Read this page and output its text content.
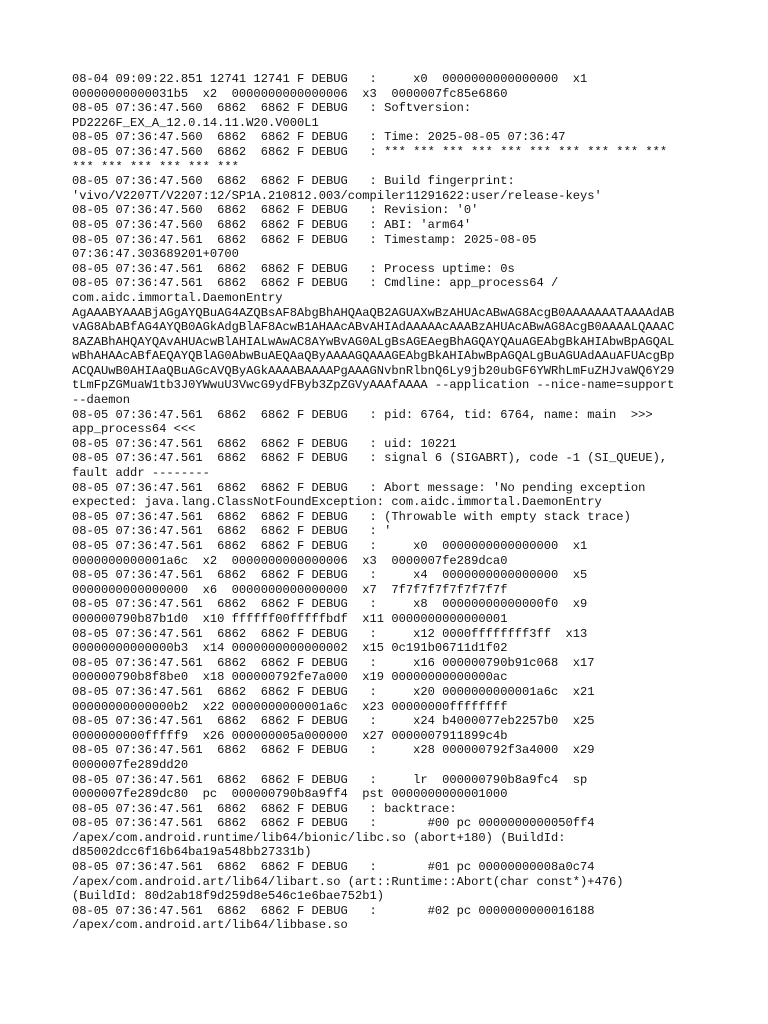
08-04 09:09:22.851 12741 12741 F DEBUG   :     x0  0000000000000000  x1
00000000000031b5  x2  0000000000000006  x3  0000007fc85e6860
08-05 07:36:47.560  6862  6862 F DEBUG   : Softversion:
PD2226F_EX_A_12.0.14.11.W20.V000L1
08-05 07:36:47.560  6862  6862 F DEBUG   : Time: 2025-08-05 07:36:47
08-05 07:36:47.560  6862  6862 F DEBUG   : *** *** *** *** *** *** *** *** *** ***
*** *** *** *** *** ***
08-05 07:36:47.560  6862  6862 F DEBUG   : Build fingerprint:
'vivo/V2207T/V2207:12/SP1A.210812.003/compiler11291622:user/release-keys'
08-05 07:36:47.560  6862  6862 F DEBUG   : Revision: '0'
08-05 07:36:47.560  6862  6862 F DEBUG   : ABI: 'arm64'
08-05 07:36:47.561  6862  6862 F DEBUG   : Timestamp: 2025-08-05
07:36:47.303689201+0700
08-05 07:36:47.561  6862  6862 F DEBUG   : Process uptime: 0s
08-05 07:36:47.561  6862  6862 F DEBUG   : Cmdline: app_process64 /
com.aidc.immortal.DaemonEntry
AgAAABYAAABjAGgAYQBuAG4AZQBsAF8AbgBhAHQAaQB2AGUAXwBzAHUAcABwAG8AcgB0AAAAAAATAAAAdAB
vAG8AbABfAG4AYQB0AGkAdgBlAF8AcwB1AHAAcABvAHIAdAAAAAcAAABzAHUAcABwAG8AcgB0AAAALQAAAC
8AZABhAHQAYQAvAHUAcwBlAHIALwAwAC8AYwBvAG0ALgBsAGEAegBhAGQAYQAuAGEAbgBkAHIAbwBpAGQAL
wBhAHAAcABfAEQAYQBlAG0AbwBuAEQAaQByAAAAGQAAAGEAbgBkAHIAbwBpAGQALgBuAGUAdAAuAFUAcgBp
ACQAUwB0AHIAaQBuAGcAVQByAGkAAAABAAAAPgAAAGNvbnRlbnQ6Ly9jb20ubGF6YWRhLmFuZHJvaWQ6Y29
tLmFpZGMuaW1tb3J0YWwuU3VwcG9ydFByb3ZpZGVyAAAfAAAA --application --nice-name=support
--daemon
08-05 07:36:47.561  6862  6862 F DEBUG   : pid: 6764, tid: 6764, name: main  >>>
app_process64 <<<
08-05 07:36:47.561  6862  6862 F DEBUG   : uid: 10221
08-05 07:36:47.561  6862  6862 F DEBUG   : signal 6 (SIGABRT), code -1 (SI_QUEUE),
fault addr --------
08-05 07:36:47.561  6862  6862 F DEBUG   : Abort message: 'No pending exception
expected: java.lang.ClassNotFoundException: com.aidc.immortal.DaemonEntry
08-05 07:36:47.561  6862  6862 F DEBUG   : (Throwable with empty stack trace)
08-05 07:36:47.561  6862  6862 F DEBUG   : '
08-05 07:36:47.561  6862  6862 F DEBUG   :     x0  0000000000000000  x1
0000000000001a6c  x2  0000000000000006  x3  0000007fe289dca0
08-05 07:36:47.561  6862  6862 F DEBUG   :     x4  0000000000000000  x5
0000000000000000  x6  0000000000000000  x7  7f7f7f7f7f7f7f7f
08-05 07:36:47.561  6862  6862 F DEBUG   :     x8  00000000000000f0  x9
000000790b87b1d0  x10 ffffff00fffffbdf  x11 0000000000000001
08-05 07:36:47.561  6862  6862 F DEBUG   :     x12 0000ffffffff3ff  x13
00000000000000b3  x14 0000000000000002  x15 0c191b06711d1f02
08-05 07:36:47.561  6862  6862 F DEBUG   :     x16 000000790b91c068  x17
000000790b8f8be0  x18 000000792fe7a000  x19 00000000000000ac
08-05 07:36:47.561  6862  6862 F DEBUG   :     x20 0000000000001a6c  x21
00000000000000b2  x22 0000000000001a6c  x23 00000000ffffffff
08-05 07:36:47.561  6862  6862 F DEBUG   :     x24 b4000077eb2257b0  x25
0000000000fffff9  x26 000000005a000000  x27 0000007911899c4b
08-05 07:36:47.561  6862  6862 F DEBUG   :     x28 000000792f3a4000  x29
0000007fe289dd20
08-05 07:36:47.561  6862  6862 F DEBUG   :     lr  000000790b8a9fc4  sp
0000007fe289dc80  pc  000000790b8a9ff4  pst 0000000000001000
08-05 07:36:47.561  6862  6862 F DEBUG   : backtrace:
08-05 07:36:47.561  6862  6862 F DEBUG   :       #00 pc 0000000000050ff4
/apex/com.android.runtime/lib64/bionic/libc.so (abort+180) (BuildId:
d85002dcc6f16b64ba19a548bb27331b)
08-05 07:36:47.561  6862  6862 F DEBUG   :       #01 pc 00000000008a0c74
/apex/com.android.art/lib64/libart.so (art::Runtime::Abort(char const*)+476)
(BuildId: 80d2ab18f9d259d8e546c1e6bae752b1)
08-05 07:36:47.561  6862  6862 F DEBUG   :       #02 pc 0000000000016188
/apex/com.android.art/lib64/libbase.so
